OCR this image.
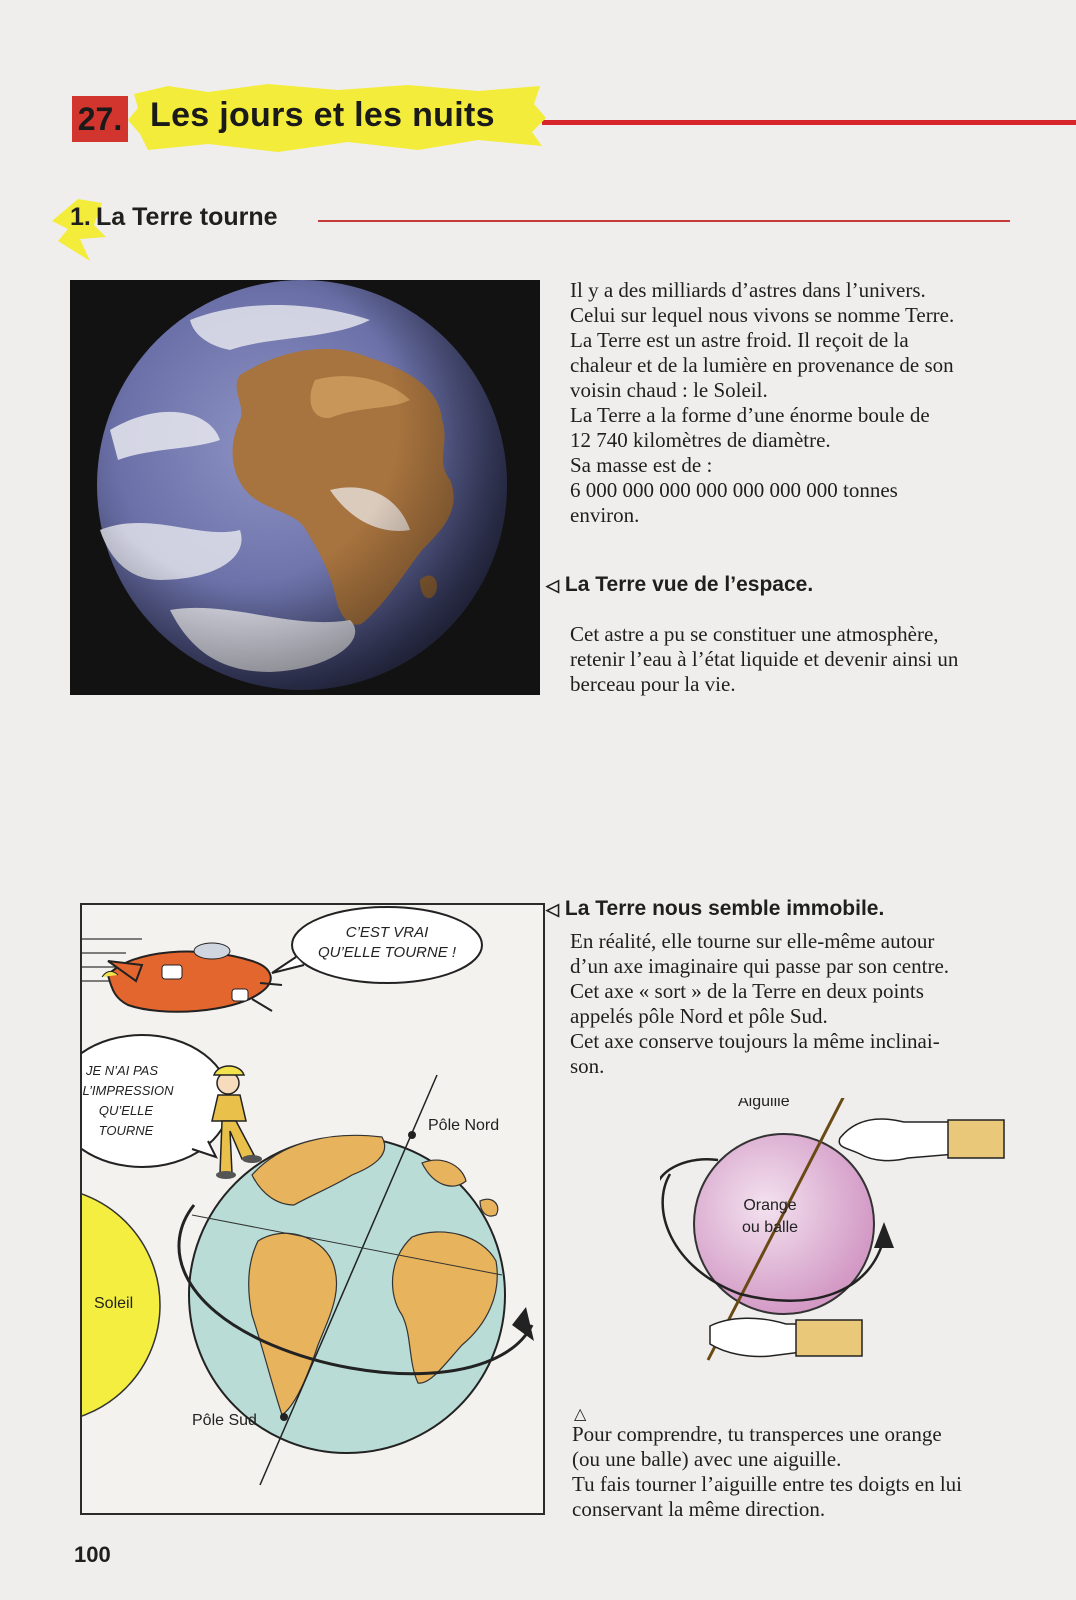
27. Les jours et les nuits
1. La Terre tourne

Il y a des milliards d’astres dans l’univers.

Celui sur lequel nous vivons se nomme Terre.

La Terre est un astre froid. Il reçoit de la

chaleur et de la lumière en provenance de son

voisin chaud : le Soleil.

La Terre a la forme d’une énorme boule de

12 740 kilomètres de diamètre.

Sa masse est de :

6 000 000 000 000 000 000 000 tonnes

environ.

◁ La Terre vue de l’espace.

Cet astre a pu se constituer une atmosphère,

retenir l’eau à l’état liquide et devenir ainsi un

berceau pour la vie.

◁ La Terre nous semble immobile.

En réalité, elle tourne sur elle-même autour

d’un axe imaginaire qui passe par son centre.

Cet axe « sort » de la Terre en deux points

appelés pôle Nord et pôle Sud.

Cet axe conserve toujours la même inclinai-

son.

C’EST VRAI
QU’ELLE TOURNE !
JE N’AI PAS
L’IMPRESSION
QU’ELLE
TOURNE
Soleil
Pôle Nord
Pôle Sud
Aiguille
Orange
ou balle
△

Pour comprendre, tu transperces une orange

(ou une balle) avec une aiguille.

Tu fais tourner l’aiguille entre tes doigts en lui

conservant la même direction.

100
